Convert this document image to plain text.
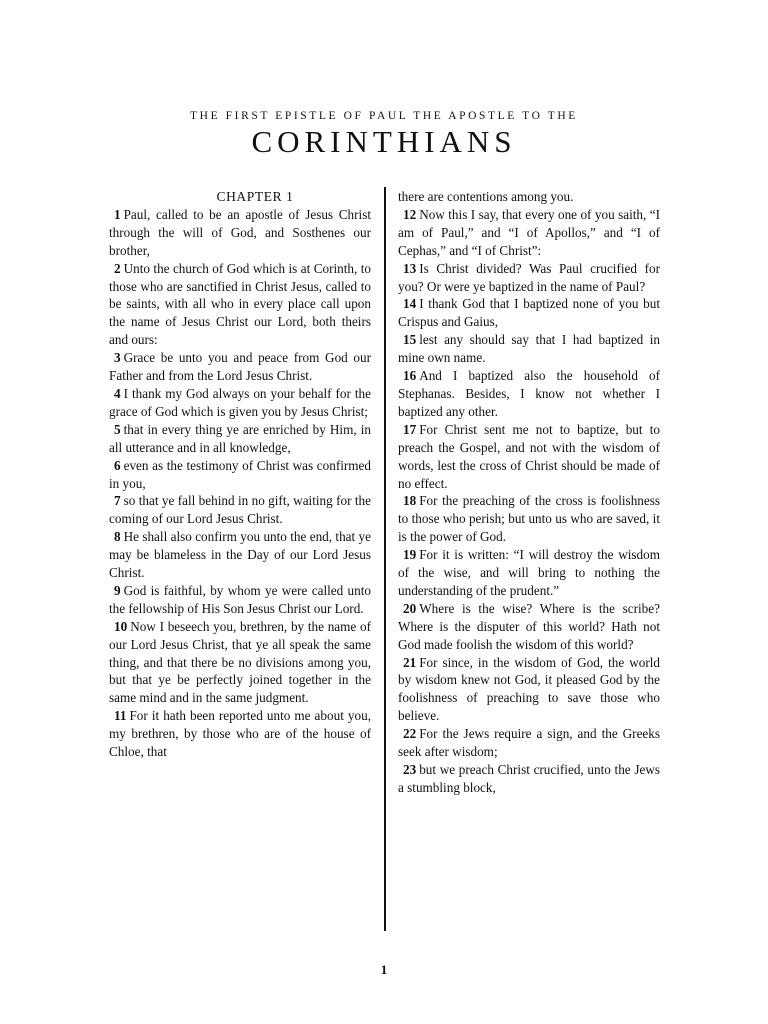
THE FIRST EPISTLE OF PAUL THE APOSTLE TO THE
CORINTHIANS
CHAPTER 1

1 Paul, called to be an apostle of Jesus Christ through the will of God, and Sosthenes our brother,

2 Unto the church of God which is at Corinth, to those who are sanctified in Christ Jesus, called to be saints, with all who in every place call upon the name of Jesus Christ our Lord, both theirs and ours:

3 Grace be unto you and peace from God our Father and from the Lord Jesus Christ.

4 I thank my God always on your behalf for the grace of God which is given you by Jesus Christ;

5 that in every thing ye are enriched by Him, in all utterance and in all knowledge,

6 even as the testimony of Christ was confirmed in you,

7 so that ye fall behind in no gift, waiting for the coming of our Lord Jesus Christ.

8 He shall also confirm you unto the end, that ye may be blameless in the Day of our Lord Jesus Christ.

9 God is faithful, by whom ye were called unto the fellowship of His Son Jesus Christ our Lord.

10 Now I beseech you, brethren, by the name of our Lord Jesus Christ, that ye all speak the same thing, and that there be no divisions among you, but that ye be perfectly joined together in the same mind and in the same judgment.

11 For it hath been reported unto me about you, my brethren, by those who are of the house of Chloe, that

there are contentions among you.

12 Now this I say, that every one of you saith, “I am of Paul,” and “I of Apollos,” and “I of Cephas,” and “I of Christ”:

13 Is Christ divided? Was Paul crucified for you? Or were ye baptized in the name of Paul?

14 I thank God that I baptized none of you but Crispus and Gaius,

15 lest any should say that I had baptized in mine own name.

16 And I baptized also the household of Stephanas. Besides, I know not whether I baptized any other.

17 For Christ sent me not to baptize, but to preach the Gospel, and not with the wisdom of words, lest the cross of Christ should be made of no effect.

18 For the preaching of the cross is foolishness to those who perish; but unto us who are saved, it is the power of God.

19 For it is written: “I will destroy the wisdom of the wise, and will bring to nothing the understanding of the prudent.”

20 Where is the wise? Where is the scribe? Where is the disputer of this world? Hath not God made foolish the wisdom of this world?

21 For since, in the wisdom of God, the world by wisdom knew not God, it pleased God by the foolishness of preaching to save those who believe.

22 For the Jews require a sign, and the Greeks seek after wisdom;

23 but we preach Christ crucified, unto the Jews a stumbling block,

1
